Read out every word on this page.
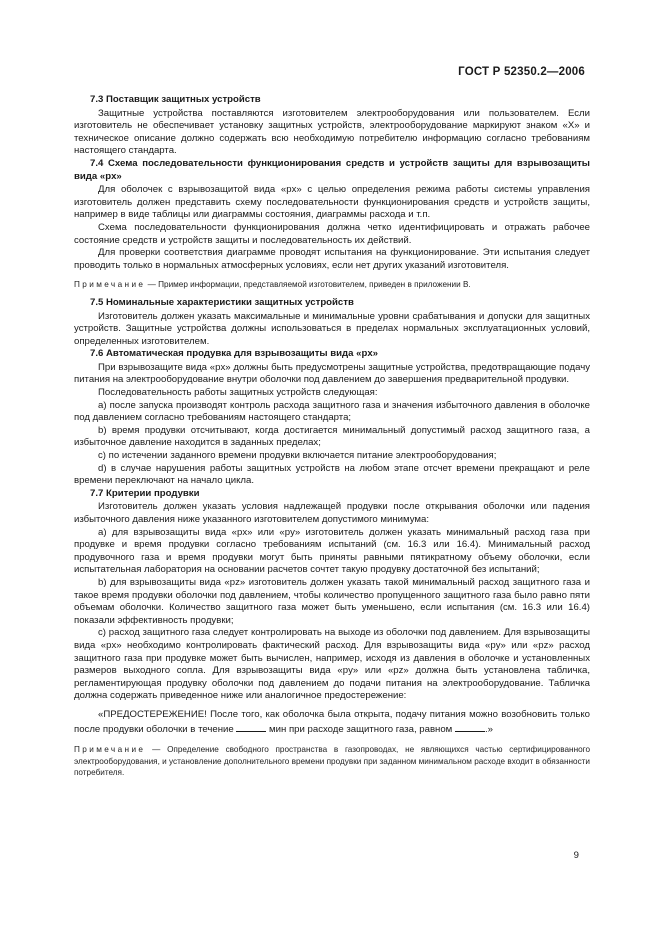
ГОСТ Р 52350.2—2006
7.3 Поставщик защитных устройств

Защитные устройства поставляются изготовителем электрооборудования или пользователем. Если изготовитель не обеспечивает установку защитных устройств, электрооборудование маркируют знаком «X» и техническое описание должно содержать всю необходимую потребителю информацию согласно требованиям настоящего стандарта.

7.4 Схема последовательности функционирования средств и устройств защиты для взрывозащиты вида «px»

Для оболочек с взрывозащитой вида «px» с целью определения режима работы системы управления изготовитель должен представить схему последовательности функционирования средств и устройств защиты, например в виде таблицы или диаграммы состояния, диаграммы расхода и т.п.

Схема последовательности функционирования должна четко идентифицировать и отражать рабочее состояние средств и устройств защиты и последовательность их действий.

Для проверки соответствия диаграмме проводят испытания на функционирование. Эти испытания следует проводить только в нормальных атмосферных условиях, если нет других указаний изготовителя.

Примечание — Пример информации, представляемой изготовителем, приведен в приложении В.

7.5 Номинальные характеристики защитных устройств

Изготовитель должен указать максимальные и минимальные уровни срабатывания и допуски для защитных устройств. Защитные устройства должны использоваться в пределах нормальных эксплуатационных условий, определенных изготовителем.

7.6 Автоматическая продувка для взрывозащиты вида «px»

При взрывозащите вида «px» должны быть предусмотрены защитные устройства, предотвращающие подачу питания на электрооборудование внутри оболочки под давлением до завершения предварительной продувки.

Последовательность работы защитных устройств следующая:

a) после запуска производят контроль расхода защитного газа и значения избыточного давления в оболочке под давлением согласно требованиям настоящего стандарта;

b) время продувки отсчитывают, когда достигается минимальный допустимый расход защитного газа, а избыточное давление находится в заданных пределах;

c) по истечении заданного времени продувки включается питание электрооборудования;

d) в случае нарушения работы защитных устройств на любом этапе отсчет времени прекращают и реле времени переключают на начало цикла.

7.7 Критерии продувки

Изготовитель должен указать условия надлежащей продувки после открывания оболочки или падения избыточного давления ниже указанного изготовителем допустимого минимума:

a) для взрывозащиты вида «px» или «py» изготовитель должен указать минимальный расход газа при продувке и время продувки согласно требованиям испытаний (см. 16.3 или 16.4). Минимальный расход продувочного газа и время продувки могут быть приняты равными пятикратному объему оболочки, если испытательная лаборатория на основании расчетов сочтет такую продувку достаточной без испытаний;

b) для взрывозащиты вида «pz» изготовитель должен указать такой минимальный расход защитного газа и такое время продувки оболочки под давлением, чтобы количество пропущенного защитного газа было равно пяти объемам оболочки. Количество защитного газа может быть уменьшено, если испытания (см. 16.3 или 16.4) показали эффективность продувки;

c) расход защитного газа следует контролировать на выходе из оболочки под давлением. Для взрывозащиты вида «px» необходимо контролировать фактический расход. Для взрывозащиты вида «py» или «pz» расход защитного газа при продувке может быть вычислен, например, исходя из давления в оболочке и установленных размеров выходного сопла. Для взрывозащиты вида «py» или «pz» должна быть установлена табличка, регламентирующая продувку оболочки под давлением до подачи питания на электрооборудование. Табличка должна содержать приведенное ниже или аналогичное предостережение:

«ПРЕДОСТЕРЕЖЕНИЕ! После того, как оболочка была открыта, подачу питания можно возобновить только после продувки оболочки в течение	мин при расходе защитного газа, равном	.»

Примечание — Определение свободного пространства в газопроводах, не являющихся частью сертифицированного электрооборудования, и установление дополнительного времени продувки при заданном минимальном расходе входит в обязанности потребителя.

9
